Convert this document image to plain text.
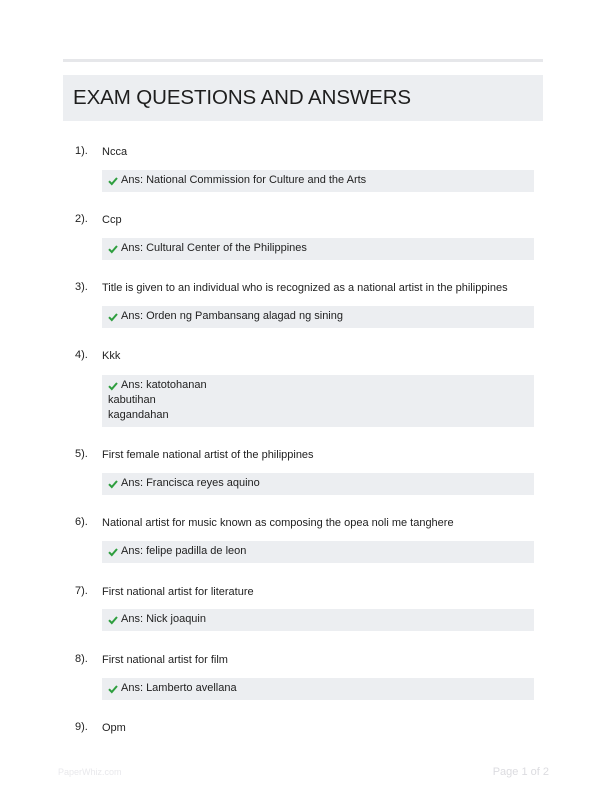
EXAM QUESTIONS AND ANSWERS
1). Ncca
Ans: National Commission for Culture and the Arts
2). Ccp
Ans: Cultural Center of the Philippines
3). Title is given to an individual who is recognized as a national artist in the philippines
Ans: Orden ng Pambansang alagad ng sining
4). Kkk
Ans: katotohanan
kabutihan
kagandahan
5). First female national artist of the philippines
Ans: Francisca reyes aquino
6). National artist for music known as composing the opea noli me tanghere
Ans: felipe padilla de leon
7). First national artist for literature
Ans: Nick joaquin
8). First national artist for film
Ans: Lamberto avellana
9). Opm
PaperWhiz.com	Page 1 of 2
